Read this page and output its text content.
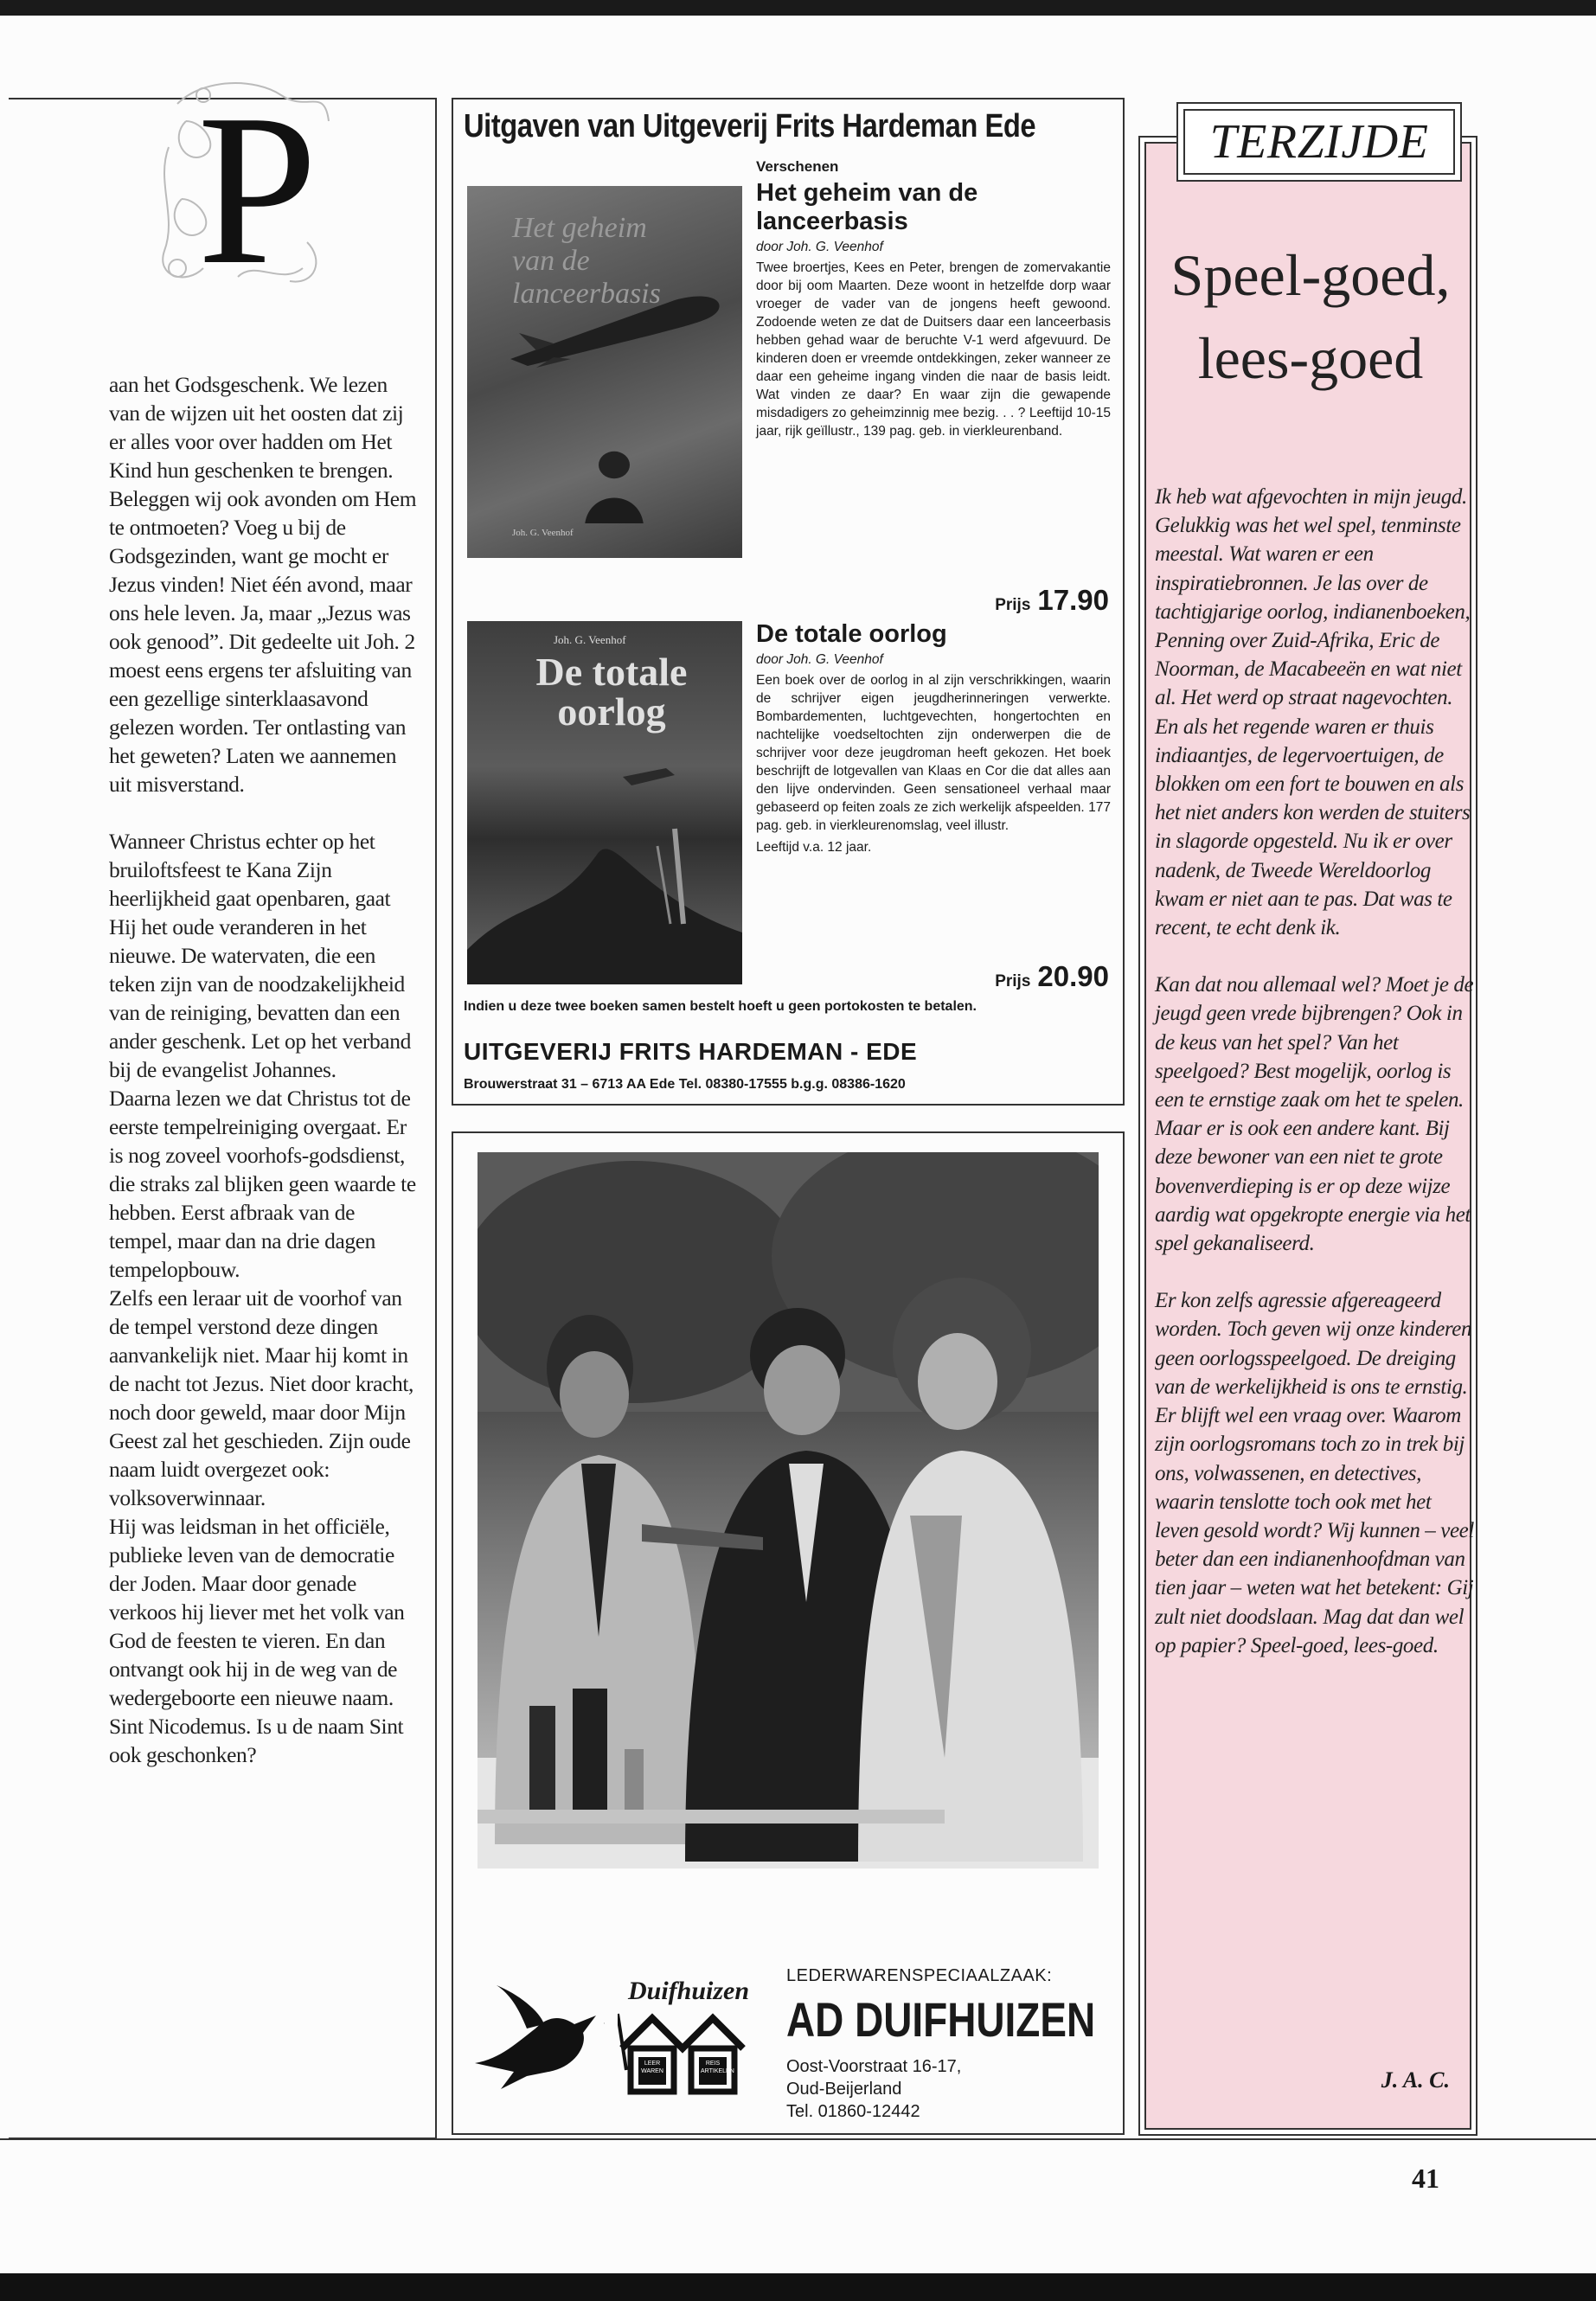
P

aan het Godsgeschenk. We lezen van de wijzen uit het oosten dat zij er alles voor over hadden om Het Kind hun geschenken te brengen. Beleggen wij ook avonden om Hem te ontmoeten? Voeg u bij de Godsgezinden, want ge mocht er Jezus vinden! Niet één avond, maar ons hele leven. Ja, maar „Jezus was ook genood”. Dit gedeelte uit Joh. 2 moest eens ergens ter afsluiting van een gezellige sinterklaasavond gelezen worden. Ter ontlasting van het geweten? Laten we aannemen uit misverstand.

Wanneer Christus echter op het bruiloftsfeest te Kana Zijn heerlijkheid gaat openbaren, gaat Hij het oude veranderen in het nieuwe. De watervaten, die een teken zijn van de noodzakelijkheid van de reiniging, bevatten dan een ander geschenk. Let op het verband bij de evangelist Johannes.

Daarna lezen we dat Christus tot de eerste tempelreiniging overgaat. Er is nog zoveel voorhofs-godsdienst, die straks zal blijken geen waarde te hebben. Eerst afbraak van de tempel, maar dan na drie dagen tempelopbouw.

Zelfs een leraar uit de voorhof van de tempel verstond deze dingen aanvankelijk niet. Maar hij komt in de nacht tot Jezus. Niet door kracht, noch door geweld, maar door Mijn Geest zal het geschieden. Zijn oude naam luidt overgezet ook: volksoverwinnaar.

Hij was leidsman in het officiële, publieke leven van de democratie der Joden. Maar door genade verkoos hij liever met het volk van God de feesten te vieren. En dan ontvangt ook hij in de weg van de wedergeboorte een nieuwe naam. Sint Nicodemus. Is u de naam Sint ook geschonken?

Uitgaven van Uitgeverij Frits Hardeman Ede
Het geheim van de lanceerbasis
Joh. G. Veenhof
Verschenen
Het geheim van de lanceerbasis
door Joh. G. Veenhof
Twee broertjes, Kees en Peter, brengen de zomervakantie door bij oom Maarten. Deze woont in hetzelfde dorp waar vroeger de vader van de jongens heeft gewoond. Zodoende weten ze dat de Duitsers daar een lanceerbasis hebben gehad waar de beruchte V-1 werd afgevuurd. De kinderen doen er vreemde ontdekkingen, zeker wanneer ze daar een geheime ingang vinden die naar de basis leidt. Wat vinden ze daar? En waar zijn die gewapende misdadigers zo geheimzinnig mee bezig. . . ? Leeftijd 10-15 jaar, rijk geïllustr., 139 pag. geb. in vierkleurenband.
Prijs 17.90
Joh. G. Veenhof
De totale oorlog
De totale oorlog
door Joh. G. Veenhof
Een boek over de oorlog in al zijn verschrikkingen, waarin de schrijver eigen jeugdherinneringen verwerkte. Bombardementen, luchtgevechten, hongertochten en nachtelijke voedseltochten zijn onderwerpen die de schrijver voor deze jeugdroman heeft gekozen. Het boek beschrijft de lotgevallen van Klaas en Cor die dat alles aan den lijve ondervinden. Geen sensationeel verhaal maar gebaseerd op feiten zoals ze zich werkelijk afspeelden. 177 pag. geb. in vierkleurenomslag, veel illustr.
Leeftijd v.a. 12 jaar.
Prijs 20.90
Indien u deze twee boeken samen bestelt hoeft u geen portokosten te betalen.
UITGEVERIJ FRITS HARDEMAN - EDE
Brouwerstraat 31 – 6713 AA Ede Tel. 08380-17555 b.g.g. 08386-1620
Duifhuizen
LEER WAREN
REIS ARTIKELEN
LEDERWARENSPECIAALZAAK:
AD DUIFHUIZEN
Oost-Voorstraat 16-17,
Oud-Beijerland
Tel. 01860-12442
TERZIJDE
Speel-goed,
lees-goed

Ik heb wat afgevochten in mijn jeugd. Gelukkig was het wel spel, tenminste meestal. Wat waren er een inspiratiebronnen. Je las over de tachtigjarige oorlog, indianenboeken, Penning over Zuid-Afrika, Eric de Noorman, de Macabeeën en wat niet al. Het werd op straat nagevochten. En als het regende waren er thuis indiaantjes, de legervoertuigen, de blokken om een fort te bouwen en als het niet anders kon werden de stuiters in slagorde opgesteld. Nu ik er over nadenk, de Tweede Wereldoorlog kwam er niet aan te pas. Dat was te recent, te echt denk ik.

Kan dat nou allemaal wel? Moet je de jeugd geen vrede bijbrengen? Ook in de keus van het spel? Van het speelgoed? Best mogelijk, oorlog is een te ernstige zaak om het te spelen. Maar er is ook een andere kant. Bij deze bewoner van een niet te grote bovenverdieping is er op deze wijze aardig wat opgekropte energie via het spel gekanaliseerd.

Er kon zelfs agressie afgereageerd worden. Toch geven wij onze kinderen geen oorlogsspeelgoed. De dreiging van de werkelijkheid is ons te ernstig. Er blijft wel een vraag over. Waarom zijn oorlogsromans toch zo in trek bij ons, volwassenen, en detectives, waarin tenslotte toch ook met het leven gesold wordt? Wij kunnen – veel beter dan een indianenhoofdman van tien jaar – weten wat het betekent: Gij zult niet doodslaan. Mag dat dan wel op papier? Speel-goed, lees-goed.

J. A. C.
41
